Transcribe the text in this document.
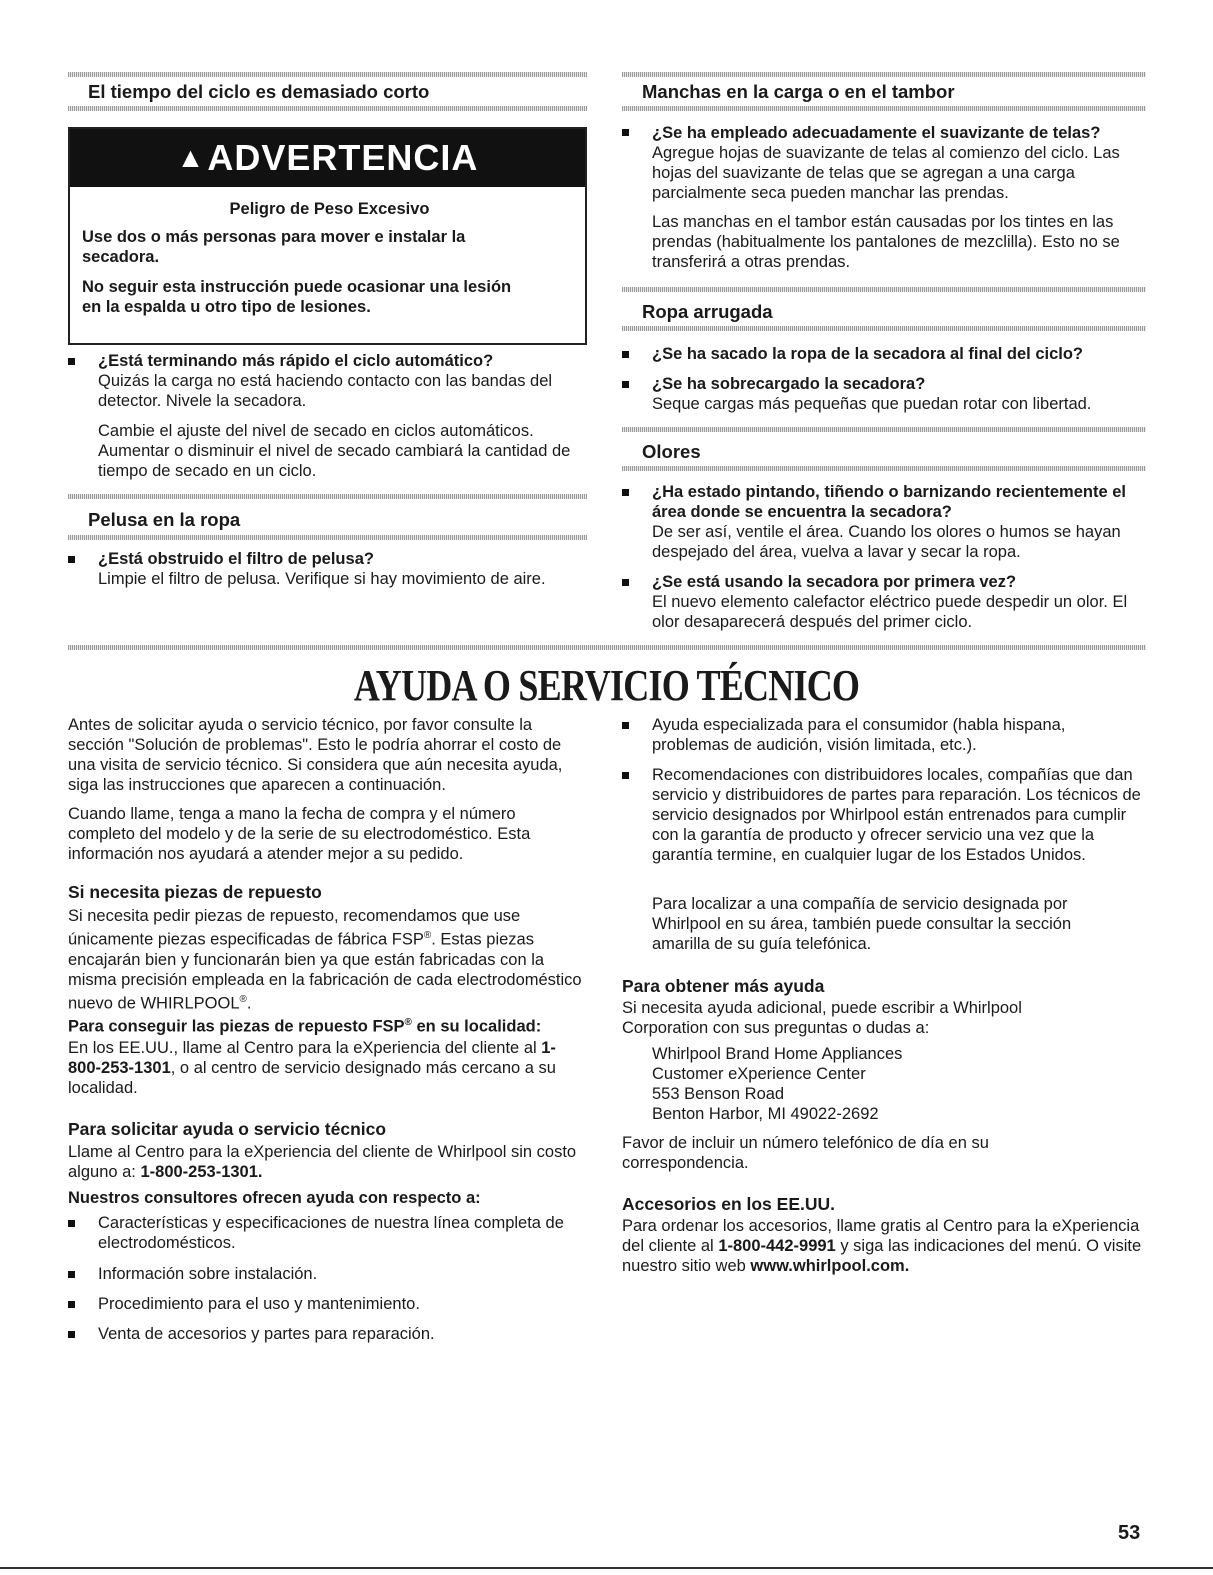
El tiempo del ciclo es demasiado corto
▲ADVERTENCIA
Peligro de Peso Excesivo
Use dos o más personas para mover e instalar la secadora.
No seguir esta instrucción puede ocasionar una lesión en la espalda u otro tipo de lesiones.
¿Está terminando más rápido el ciclo automático?
Quizás la carga no está haciendo contacto con las bandas del detector. Nivele la secadora.
Cambie el ajuste del nivel de secado en ciclos automáticos. Aumentar o disminuir el nivel de secado cambiará la cantidad de tiempo de secado en un ciclo.
Pelusa en la ropa
¿Está obstruido el filtro de pelusa?
Limpie el filtro de pelusa. Verifique si hay movimiento de aire.
Manchas en la carga o en el tambor
¿Se ha empleado adecuadamente el suavizante de telas?
Agregue hojas de suavizante de telas al comienzo del ciclo. Las hojas del suavizante de telas que se agregan a una carga parcialmente seca pueden manchar las prendas.
Las manchas en el tambor están causadas por los tintes en las prendas (habitualmente los pantalones de mezclilla). Esto no se transferirá a otras prendas.
Ropa arrugada
¿Se ha sacado la ropa de la secadora al final del ciclo?
¿Se ha sobrecargado la secadora?
Seque cargas más pequeñas que puedan rotar con libertad.
Olores
¿Ha estado pintando, tiñendo o barnizando recientemente el área donde se encuentra la secadora?
De ser así, ventile el área. Cuando los olores o humos se hayan despejado del área, vuelva a lavar y secar la ropa.
¿Se está usando la secadora por primera vez?
El nuevo elemento calefactor eléctrico puede despedir un olor. El olor desaparecerá después del primer ciclo.
AYUDA O SERVICIO TÉCNICO
Antes de solicitar ayuda o servicio técnico, por favor consulte la sección "Solución de problemas". Esto le podría ahorrar el costo de una visita de servicio técnico. Si considera que aún necesita ayuda, siga las instrucciones que aparecen a continuación.
Cuando llame, tenga a mano la fecha de compra y el número completo del modelo y de la serie de su electrodoméstico. Esta información nos ayudará a atender mejor a su pedido.
Si necesita piezas de repuesto
Si necesita pedir piezas de repuesto, recomendamos que use únicamente piezas especificadas de fábrica FSP®. Estas piezas encajarán bien y funcionarán bien ya que están fabricadas con la misma precisión empleada en la fabricación de cada electrodoméstico nuevo de WHIRLPOOL®.
Para conseguir las piezas de repuesto FSP® en su localidad:
En los EE.UU., llame al Centro para la eXperiencia del cliente al 1-800-253-1301, o al centro de servicio designado más cercano a su localidad.
Para solicitar ayuda o servicio técnico
Llame al Centro para la eXperiencia del cliente de Whirlpool sin costo alguno a: 1-800-253-1301.
Nuestros consultores ofrecen ayuda con respecto a:
Características y especificaciones de nuestra línea completa de electrodomésticos.
Información sobre instalación.
Procedimiento para el uso y mantenimiento.
Venta de accesorios y partes para reparación.
Ayuda especializada para el consumidor (habla hispana, problemas de audición, visión limitada, etc.).
Recomendaciones con distribuidores locales, compañías que dan servicio y distribuidores de partes para reparación. Los técnicos de servicio designados por Whirlpool están entrenados para cumplir con la garantía de producto y ofrecer servicio una vez que la garantía termine, en cualquier lugar de los Estados Unidos.
Para localizar a una compañía de servicio designada por Whirlpool en su área, también puede consultar la sección amarilla de su guía telefónica.
Para obtener más ayuda
Si necesita ayuda adicional, puede escribir a Whirlpool Corporation con sus preguntas o dudas a:
Whirlpool Brand Home Appliances
Customer eXperience Center
553 Benson Road
Benton Harbor, MI 49022-2692
Favor de incluir un número telefónico de día en su correspondencia.
Accesorios en los EE.UU.
Para ordenar los accesorios, llame gratis al Centro para la eXperiencia del cliente al 1-800-442-9991 y siga las indicaciones del menú. O visite nuestro sitio web www.whirlpool.com.
53
